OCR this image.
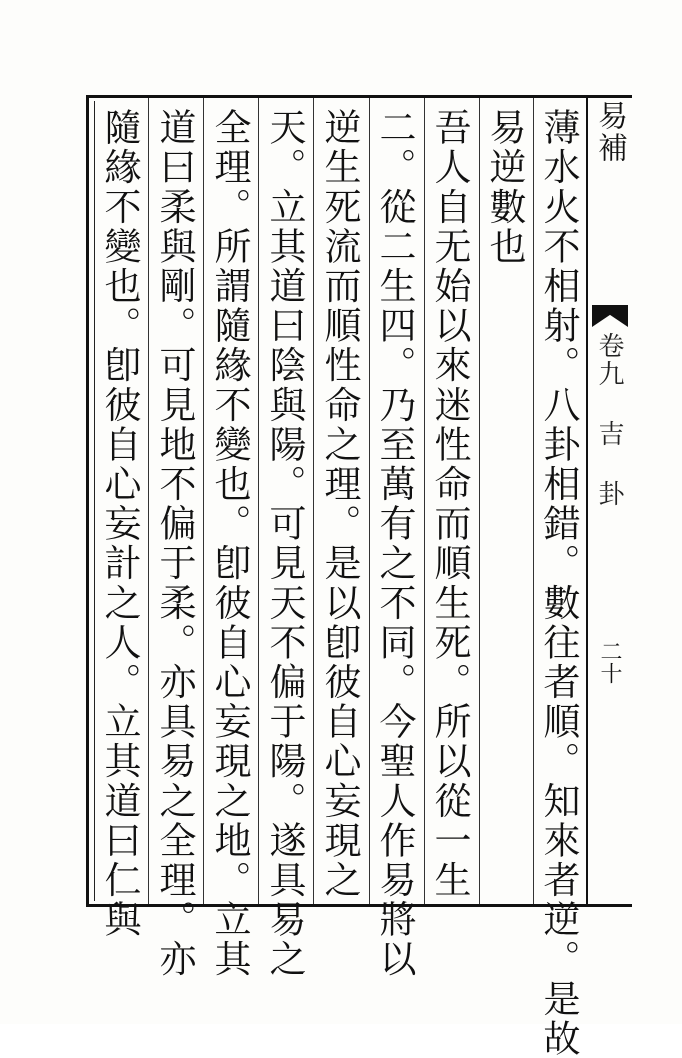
易補
卷九 吉 卦
二十
薄水火不相射。八卦相錯。數往者順。知來者逆。是故
易逆數也
吾人自无始以來迷性命而順生死。所以從一生
二。從二生四。乃至萬有之不同。今聖人作易將以
逆生死流而順性命之理。是以卽彼自心妄現之
天。立其道曰陰與陽。可見天不偏于陽。遂具易之
全理。所謂隨緣不變也。卽彼自心妄現之地。立其
道曰柔與剛。可見地不偏于柔。亦具易之全理。亦
隨緣不變也。卽彼自心妄計之人。立其道曰仁與
